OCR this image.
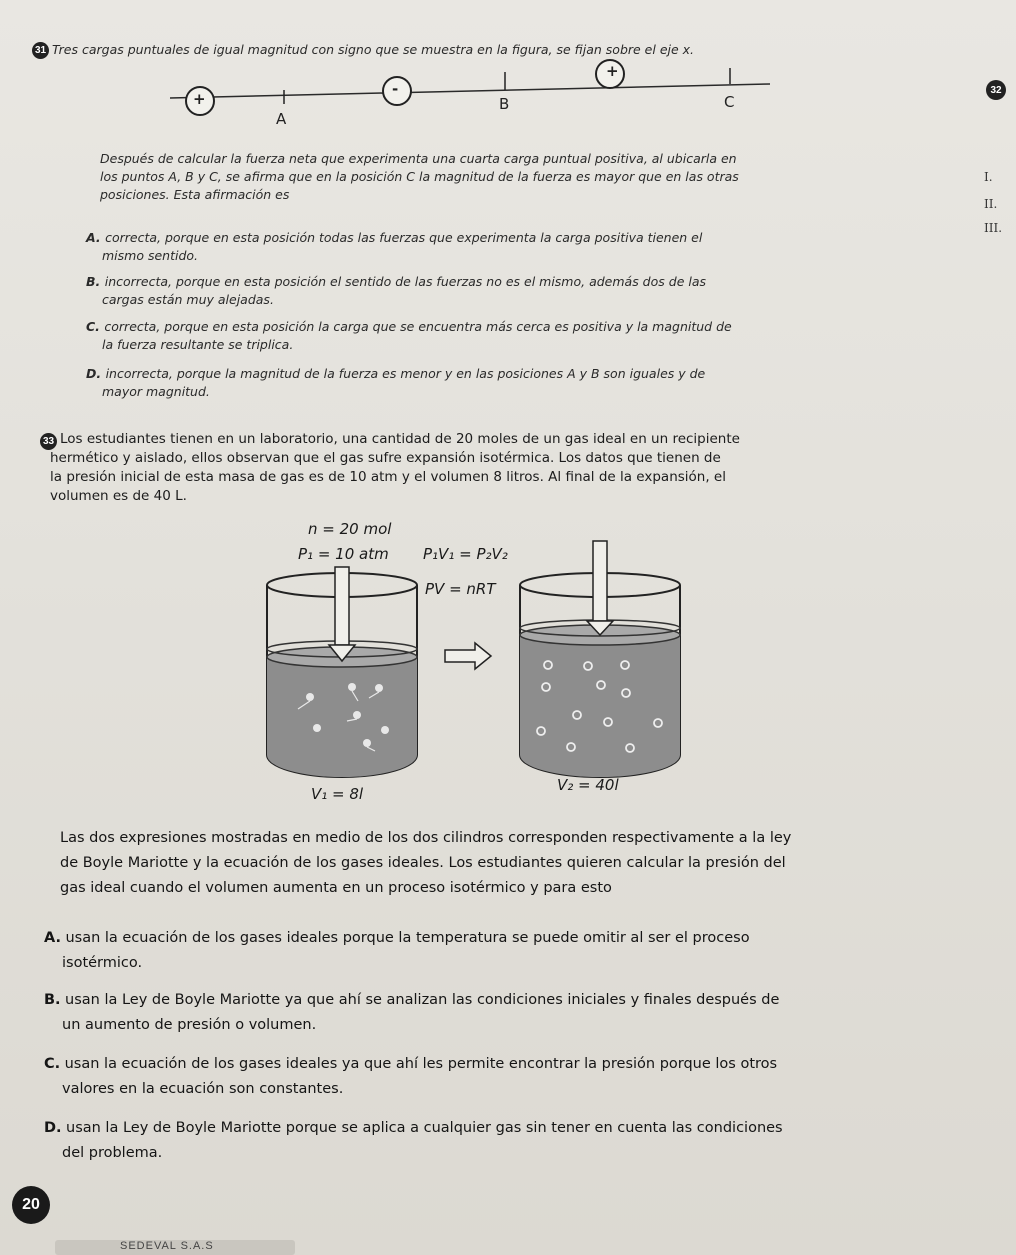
31 Tres cargas puntuales de igual magnitud con signo que se muestra en la figura, se fijan sobre el eje x.

+
-
+
A
B	C
Después de calcular la fuerza neta que experimenta una cuarta carga puntual positiva, al ubicarla en
los puntos A, B y C, se afirma que en la posición C la magnitud de la fuerza es mayor que en las otras
posiciones. Esta afirmación es
A. correcta, porque en esta posición todas las fuerzas que experimenta la carga positiva tienen el
mismo sentido.
B. incorrecta, porque en esta posición el sentido de las fuerzas no es el mismo, además dos de las
cargas están muy alejadas.
C. correcta, porque en esta posición la carga que se encuentra más cerca es positiva y la magnitud de
la fuerza resultante se triplica.
D. incorrecta, porque la magnitud de la fuerza es menor y en las posiciones A y B son iguales y de
mayor magnitud.
33 Los estudiantes tienen en un laboratorio, una cantidad de 20 moles de un gas ideal en un recipiente
hermético y aislado, ellos observan que el gas sufre expansión isotérmica. Los datos que tienen de
la presión inicial de esta masa de gas es de 10 atm y el volumen 8 litros. Al final de la expansión, el
volumen es de 40 L.
n = 20 mol
P₁ = 10 atm P₁V₁ = P₂V₂
PV = nRT
V₁ = 8l	V₂ = 40l
Las dos expresiones mostradas en medio de los dos cilindros corresponden respectivamente a la ley
de Boyle Mariotte y la ecuación de los gases ideales. Los estudiantes quieren calcular la presión del
gas ideal cuando el volumen aumenta en un proceso isotérmico y para esto
A. usan la ecuación de los gases ideales porque la temperatura se puede omitir al ser el proceso
isotérmico.
B. usan la Ley de Boyle Mariotte ya que ahí se analizan las condiciones iniciales y finales después de
un aumento de presión o volumen.
C. usan la ecuación de los gases ideales ya que ahí les permite encontrar la presión porque los otros
valores en la ecuación son constantes.
D. usan la Ley de Boyle Mariotte porque se aplica a cualquier gas sin tener en cuenta las condiciones
del problema.
32
I.
II.
III.
20
SEDEVAL S.A.S
